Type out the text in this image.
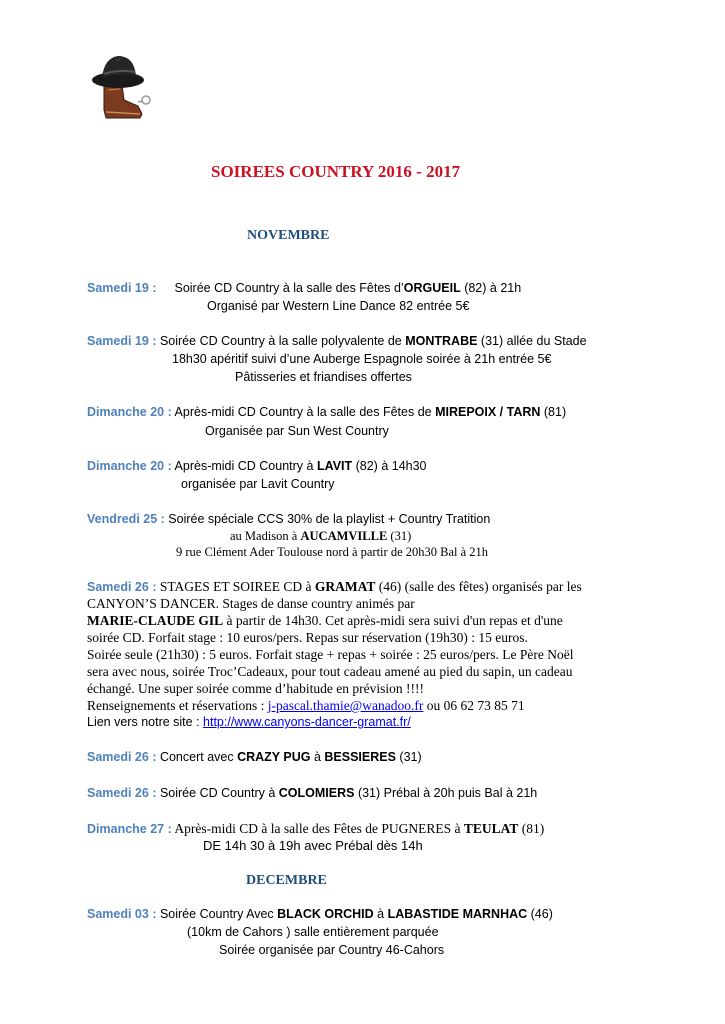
SOIREES COUNTRY 2016 - 2017
NOVEMBRE
Samedi 19 : Soirée CD Country à la salle des Fêtes d’ORGUEIL (82) à 21h
Organisé par Western Line Dance 82 entrée 5€
Samedi 19 : Soirée CD Country à la salle polyvalente de MONTRABE (31) allée du Stade
18h30 apéritif suivi d’une Auberge Espagnole soirée à 21h entrée 5€
Pâtisseries et friandises offertes
Dimanche 20 : Après-midi CD Country à la salle des Fêtes de MIREPOIX / TARN (81)
Organisée par Sun West Country
Dimanche 20 : Après-midi CD Country à LAVIT (82) à 14h30
organisée par Lavit Country
Vendredi 25 : Soirée spéciale CCS 30% de la playlist + Country Tratition
au Madison à AUCAMVILLE (31)
9 rue Clément Ader Toulouse nord à partir de 20h30 Bal à 21h
Samedi 26 : STAGES ET SOIREE CD à GRAMAT (46) (salle des fêtes) organisés par les
CANYON’S DANCER. Stages de danse country animés par
MARIE-CLAUDE GIL à partir de 14h30. Cet après-midi sera suivi d'un repas et d'une
soirée CD. Forfait stage : 10 euros/pers. Repas sur réservation (19h30) : 15 euros.
Soirée seule (21h30) : 5 euros. Forfait stage + repas + soirée : 25 euros/pers. Le Père Noël
sera avec nous, soirée Troc’Cadeaux, pour tout cadeau amené au pied du sapin, un cadeau
échangé. Une super soirée comme d’habitude en prévision !!!!
Renseignements et réservations : j-pascal.thamie@wanadoo.fr ou 06 62 73 85 71
Lien vers notre site : http://www.canyons-dancer-gramat.fr/
Samedi 26 : Concert avec CRAZY PUG à BESSIERES (31)
Samedi 26 : Soirée CD Country à COLOMIERS (31) Prébal à 20h puis Bal à 21h
Dimanche 27 : Après-midi CD à la salle des Fêtes de PUGNERES à TEULAT (81)
DE 14h 30 à 19h avec Prébal dès 14h
DECEMBRE
Samedi 03 : Soirée Country Avec BLACK ORCHID à LABASTIDE MARNHAC (46)
(10km de Cahors ) salle entièrement parquée
Soirée organisée par Country 46-Cahors
